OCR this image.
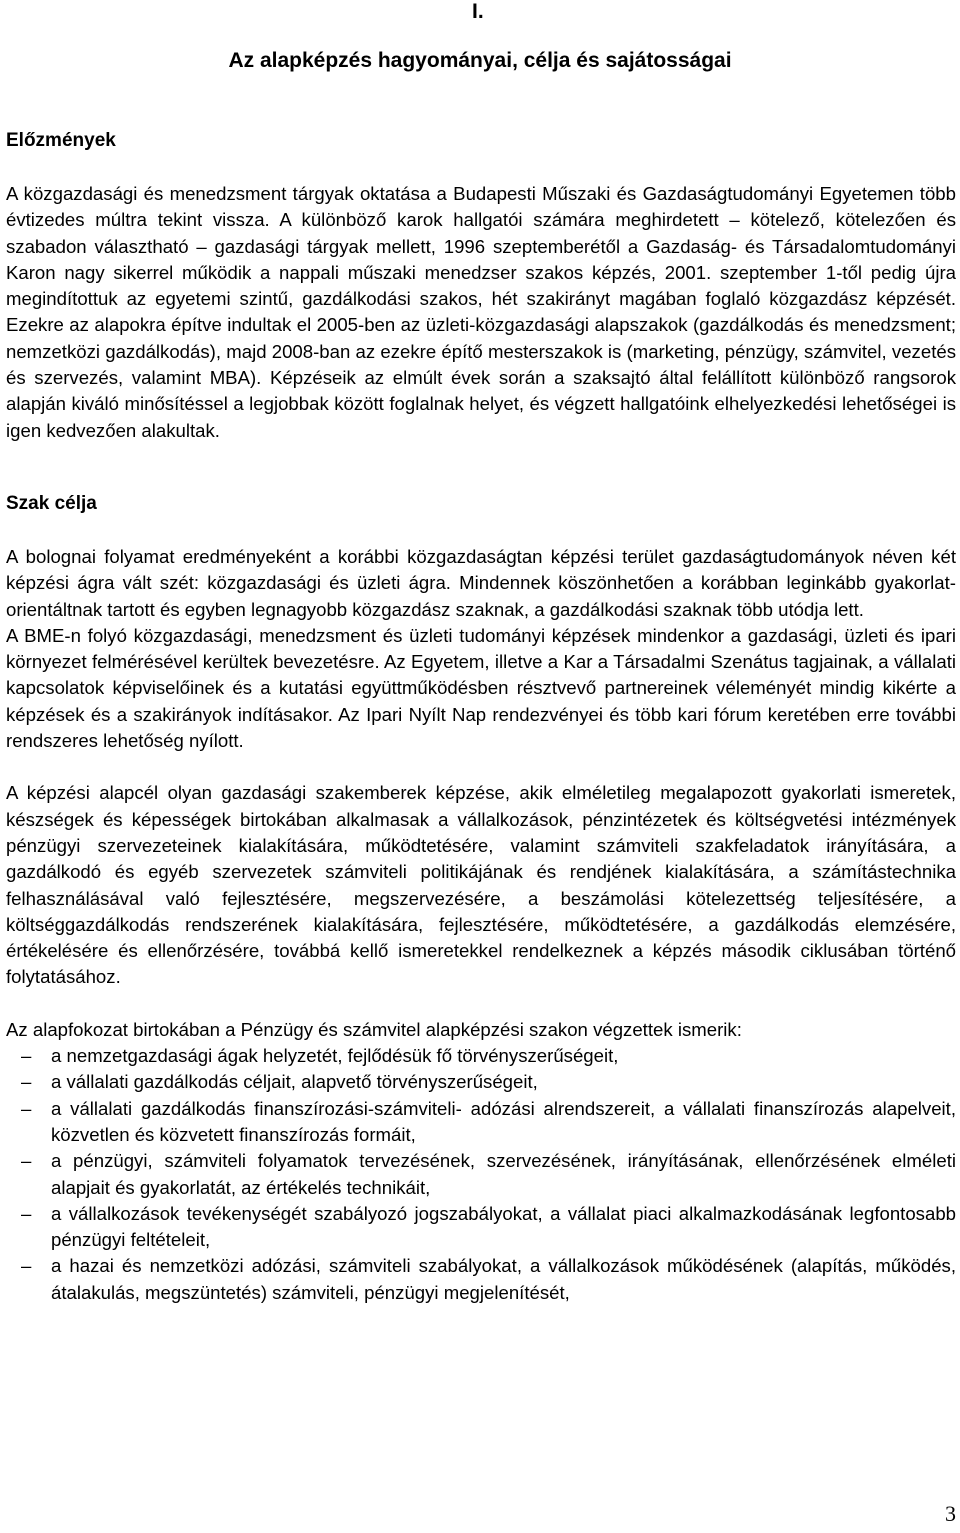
I.
Az alapképzés hagyományai, célja és sajátosságai
Előzmények

A közgazdasági és menedzsment tárgyak oktatása a Budapesti Műszaki és Gazdaságtudományi Egyetemen több évtizedes múltra tekint vissza. A különböző karok hallgatói számára meghirdetett – kötelező, kötelezően és szabadon választható – gazdasági tárgyak mellett, 1996 szeptemberétől a Gazdaság- és Társadalomtudományi Karon nagy sikerrel működik a nappali műszaki menedzser szakos képzés, 2001. szeptember 1-től pedig újra megindítottuk az egyetemi szintű, gazdálkodási szakos, hét szakirányt magában foglaló közgazdász képzését. Ezekre az alapokra építve indultak el 2005-ben az üzleti-közgazdasági alapszakok (gazdálkodás és menedzsment; nemzetközi gazdálkodás), majd 2008-ban az ezekre építő mesterszakok is (marketing, pénzügy, számvitel, vezetés és szervezés, valamint MBA). Képzéseik az elmúlt évek során a szaksajtó által felállított különböző rangsorok alapján kiváló minősítéssel a legjobbak között foglalnak helyet, és végzett hallgatóink elhelyezkedési lehetőségei is igen kedvezően alakultak.

Szak célja

A bolognai folyamat eredményeként a korábbi közgazdaságtan képzési terület gazdaságtudományok néven két képzési ágra vált szét: közgazdasági és üzleti ágra. Mindennek köszönhetően a korábban leginkább gyakorlat-orientáltnak tartott és egyben legnagyobb közgazdász szaknak, a gazdálkodási szaknak több utódja lett.

A BME-n folyó közgazdasági, menedzsment és üzleti tudományi képzések mindenkor a gazdasági, üzleti és ipari környezet felmérésével kerültek bevezetésre. Az Egyetem, illetve a Kar a Társadalmi Szenátus tagjainak, a vállalati kapcsolatok képviselőinek és a kutatási együttműködésben résztvevő partnereinek véleményét mindig kikérte a képzések és a szakirányok indításakor. Az Ipari Nyílt Nap rendezvényei és több kari fórum keretében erre további rendszeres lehetőség nyílott.

A képzési alapcél olyan gazdasági szakemberek képzése, akik elméletileg megalapozott gyakorlati ismeretek, készségek és képességek birtokában alkalmasak a vállalkozások, pénzintézetek és költségvetési intézmények pénzügyi szervezeteinek kialakítására, működtetésére, valamint számviteli szakfeladatok irányítására, a gazdálkodó és egyéb szervezetek számviteli politikájának és rendjének kialakítására, a számítástechnika felhasználásával való fejlesztésére, megszervezésére, a beszámolási kötelezettség teljesítésére, a költséggazdálkodás rendszerének kialakítására, fejlesztésére, működtetésére, a gazdálkodás elemzésére, értékelésére és ellenőrzésére, továbbá kellő ismeretekkel rendelkeznek a képzés második ciklusában történő folytatásához.

Az alapfokozat birtokában a Pénzügy és számvitel alapképzési szakon végzettek ismerik:

– a nemzetgazdasági ágak helyzetét, fejlődésük fő törvényszerűségeit,
– a vállalati gazdálkodás céljait, alapvető törvényszerűségeit,
– a vállalati gazdálkodás finanszírozási-számviteli- adózási alrendszereit, a vállalati finanszírozás alapelveit, közvetlen és közvetett finanszírozás formáit,
– a pénzügyi, számviteli folyamatok tervezésének, szervezésének, irányításának, ellenőrzésének elméleti alapjait és gyakorlatát, az értékelés technikáit,
– a vállalkozások tevékenységét szabályozó jogszabályokat, a vállalat piaci alkalmazkodásának legfontosabb pénzügyi feltételeit,
– a hazai és nemzetközi adózási, számviteli szabályokat, a vállalkozások működésének (alapítás, működés, átalakulás, megszüntetés) számviteli, pénzügyi megjelenítését,
3
